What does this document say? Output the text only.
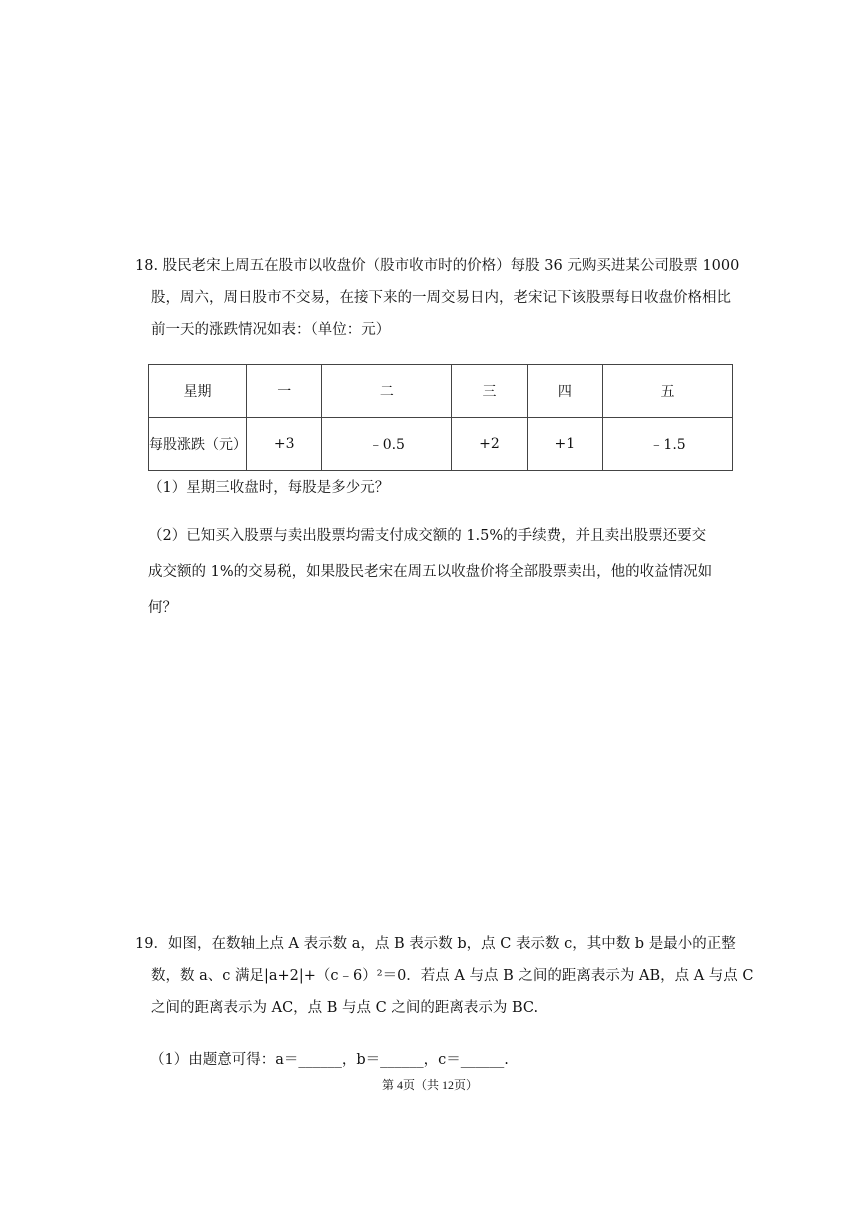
18. 股民老宋上周五在股市以收盘价（股市收市时的价格）每股 36 元购买进某公司股票 1000
股，周六，周日股市不交易，在接下来的一周交易日内，老宋记下该股票每日收盘价格相比
前一天的涨跌情况如表：（单位：元）
星期	一	二	三	四	五
每股涨跌（元）	+3	﹣0.5	+2	+1	﹣1.5
（1）星期三收盘时，每股是多少元？
（2）已知买入股票与卖出股票均需支付成交额的 1.5%的手续费，并且卖出股票还要交
成交额的 1%的交易税，如果股民老宋在周五以收盘价将全部股票卖出，他的收益情况如
何？
19．如图，在数轴上点 A 表示数 a，点 B 表示数 b，点 C 表示数 c，其中数 b 是最小的正整
数，数 a、c 满足|a+2|+（c﹣6）²＝0．若点 A 与点 B 之间的距离表示为 AB，点 A 与点 C
之间的距离表示为 AC，点 B 与点 C 之间的距离表示为 BC.
（1）由题意可得：a＝______，b＝______，c＝______.
第 4页（共 12页）
